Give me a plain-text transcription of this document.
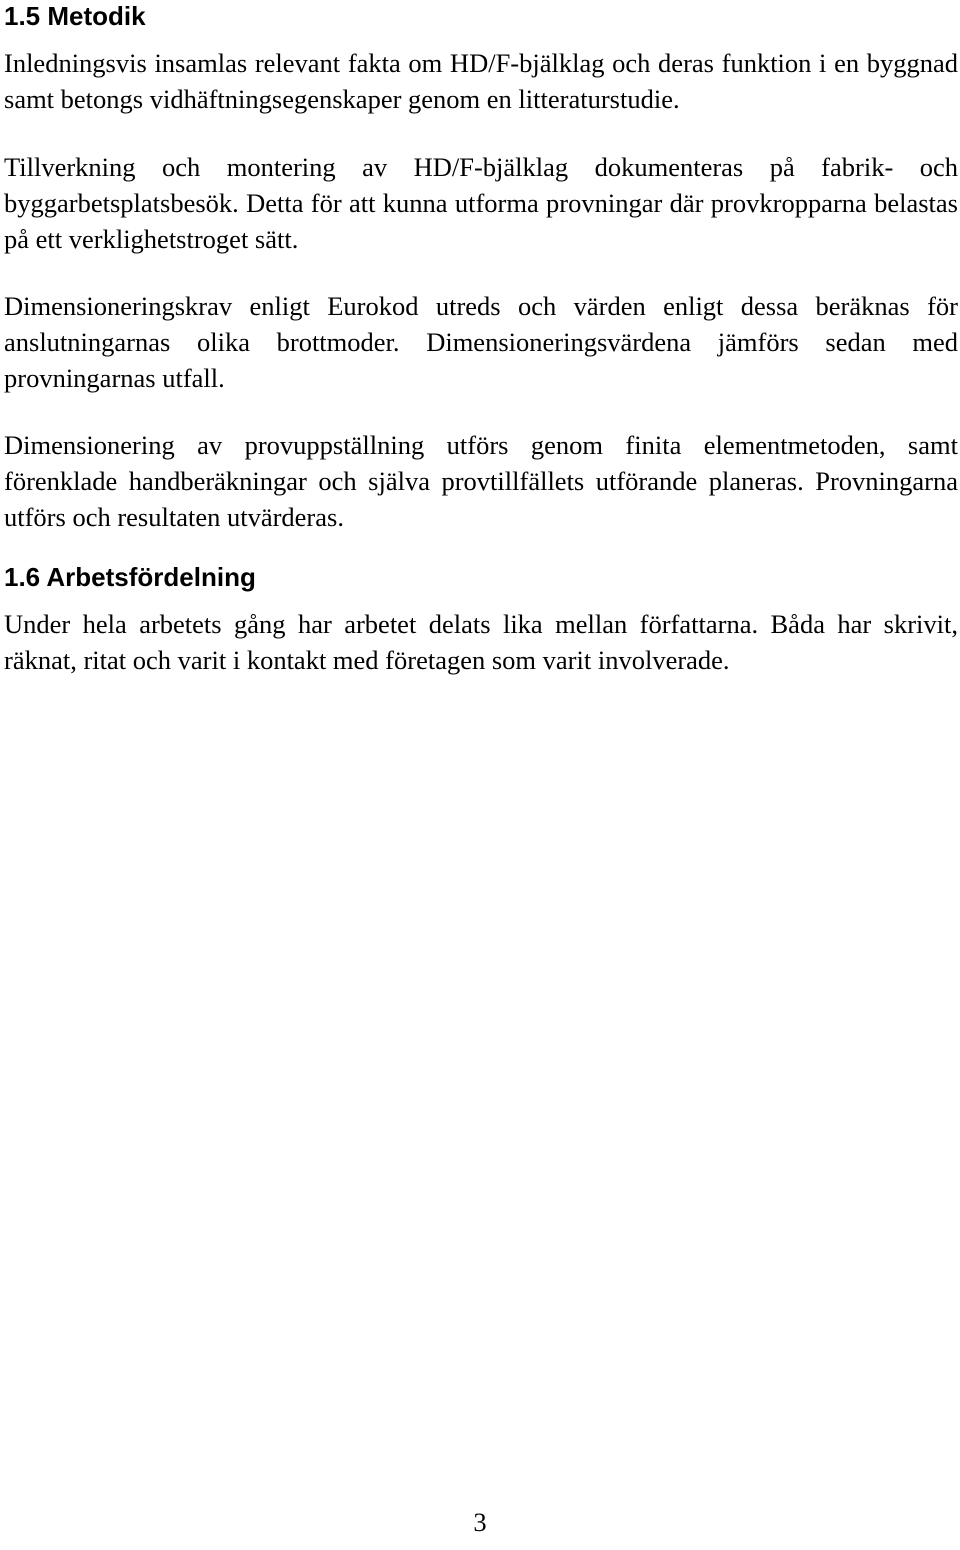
1.5 Metodik

Inledningsvis insamlas relevant fakta om HD/F-bjälklag och deras funktion i en byggnad samt betongs vidhäftningsegenskaper genom en litteraturstudie.

Tillverkning och montering av HD/F-bjälklag dokumenteras på fabrik- och byggarbetsplatsbesök. Detta för att kunna utforma provningar där provkropparna belastas på ett verklighetstroget sätt.

Dimensioneringskrav enligt Eurokod utreds och värden enligt dessa beräknas för anslutningarnas olika brottmoder. Dimensioneringsvärdena jämförs sedan med provningarnas utfall.

Dimensionering av provuppställning utförs genom finita elementmetoden, samt förenklade handberäkningar och själva provtillfällets utförande planeras. Provningarna utförs och resultaten utvärderas.

1.6 Arbetsfördelning

Under hela arbetets gång har arbetet delats lika mellan författarna. Båda har skrivit, räknat, ritat och varit i kontakt med företagen som varit involverade.

3
